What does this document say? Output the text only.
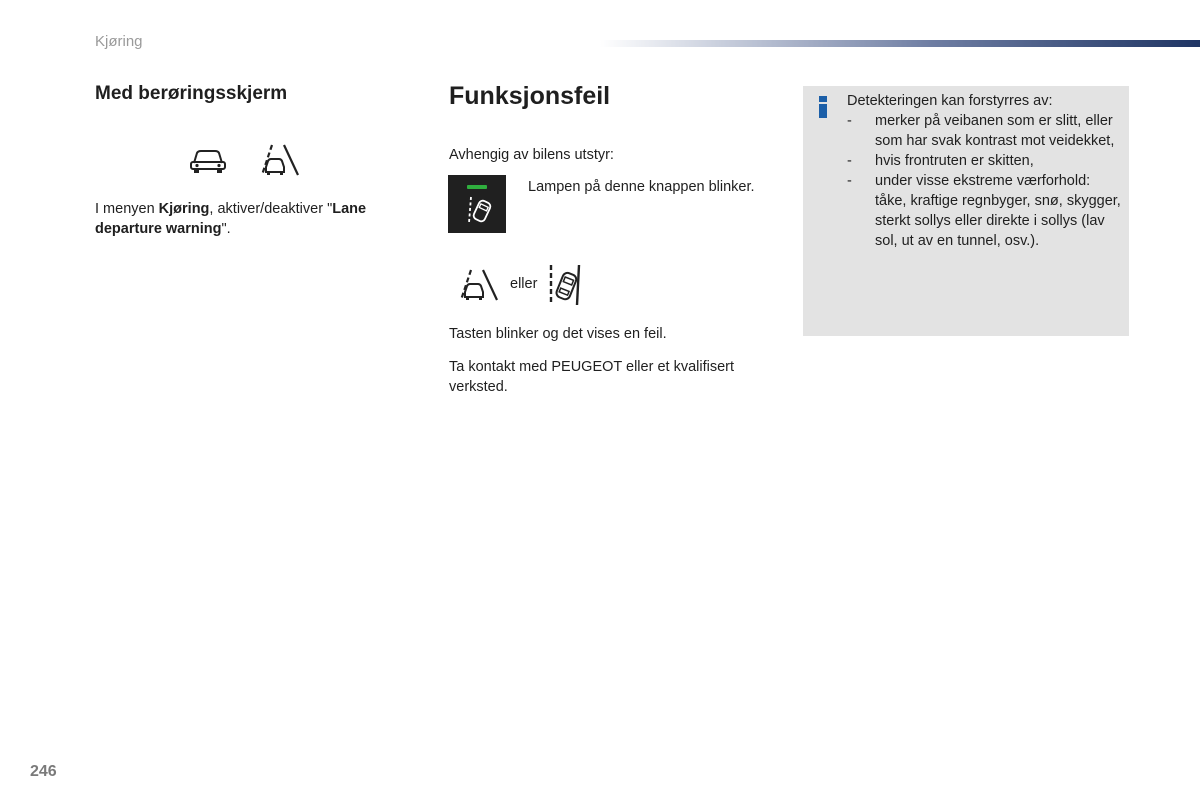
Kjøring
Med berøringsskjerm

I menyen Kjøring, aktiver/deaktiver "Lane departure warning".

Funksjonsfeil

Avhengig av bilens utstyr:

Lampen på denne knappen blinker.

eller

Tasten blinker og det vises en feil.

Ta kontakt med PEUGEOT eller et kvalifisert verksted.

Detekteringen kan forstyrres av:
- merker på veibanen som er slitt, eller som har svak kontrast mot veidekket,
- hvis frontruten er skitten,
- under visse ekstreme værforhold: tåke, kraftige regnbyger, snø, skygger, sterkt sollys eller direkte i sollys (lav sol, ut av en tunnel, osv.).
246
